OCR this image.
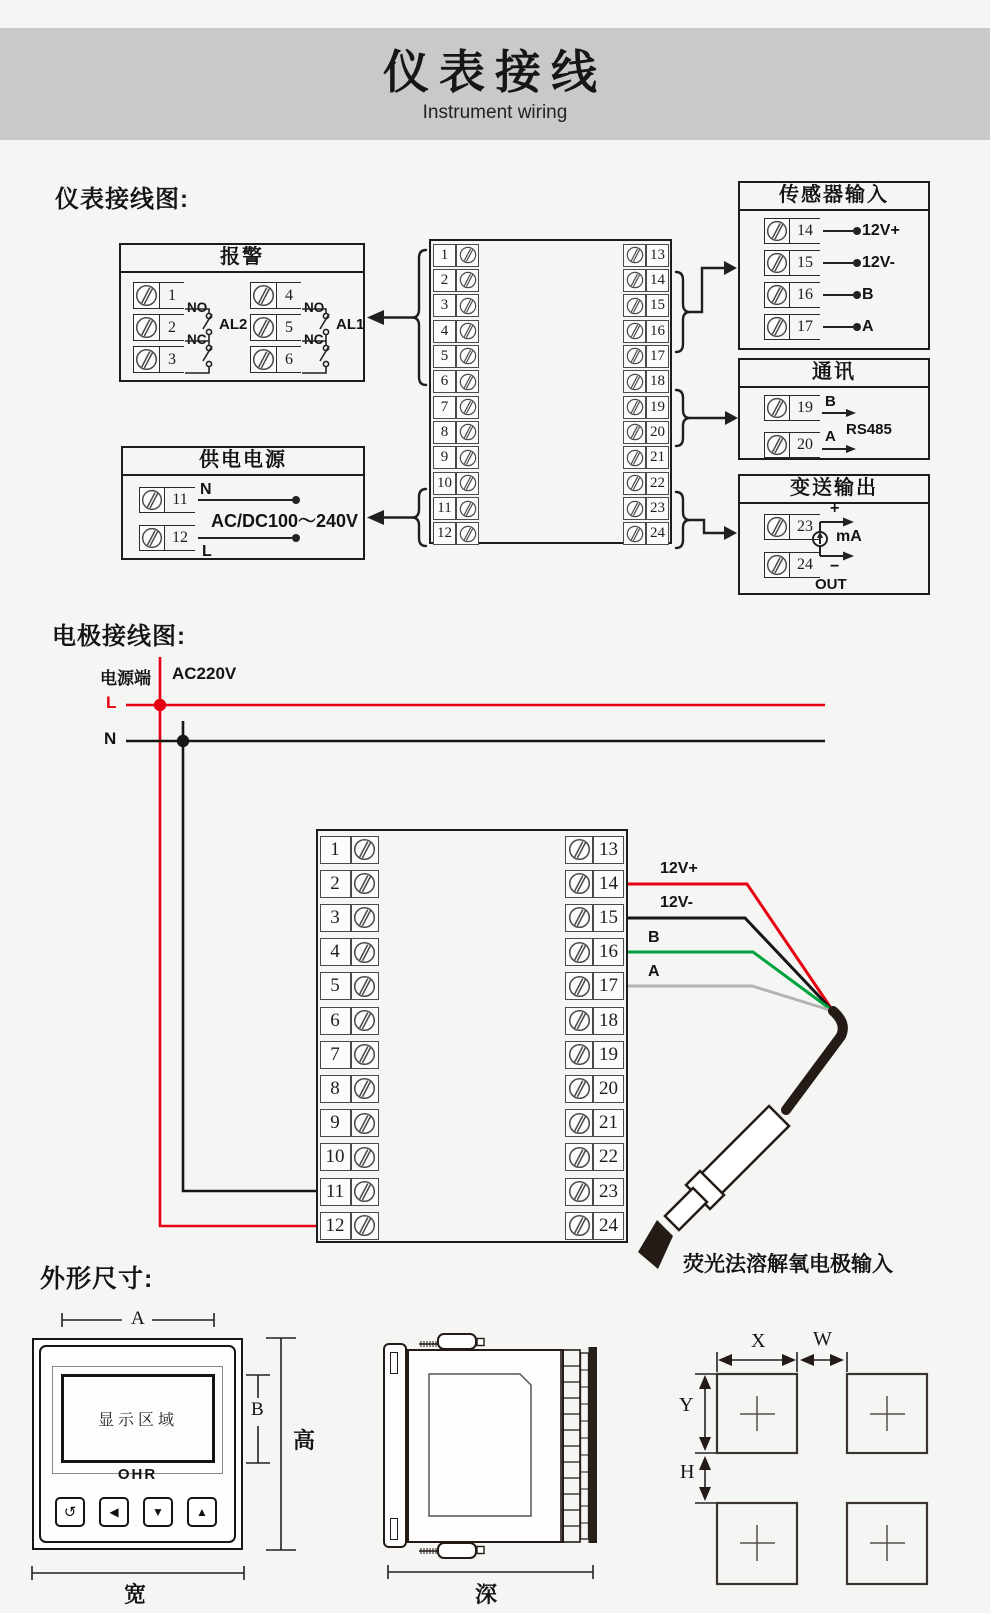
仪表接线
Instrument wiring
仪表接线图:
报警
NO
NC
AL2
NO
NC
AL1
1
2
3
4
5
6
供电电源
N
L
AC/DC100～240V
11
12
1
2
3
4
5
6
7
8
9
10
11
12
13
14
15
16
17
18
19
20
21
22
23
24
传感器输入
12V+
12V-
B
A
14
15
16
17
通讯
B
A RS485
19
20
变送输出
+
−
mA
OUT
23
24
电极接线图:
电源端 AC220V
L
N
1
2
3
4
5
6
7
8
9
10
11
12
13
14
15
16
17
18
19
20
21
22
23
24
12V+
12V-
B
A
荧光法溶解氧电极输入
外形尺寸:
显示区域
OHR
↺	◀	▼	▲
A
B
高
宽	深
X W
Y
H
